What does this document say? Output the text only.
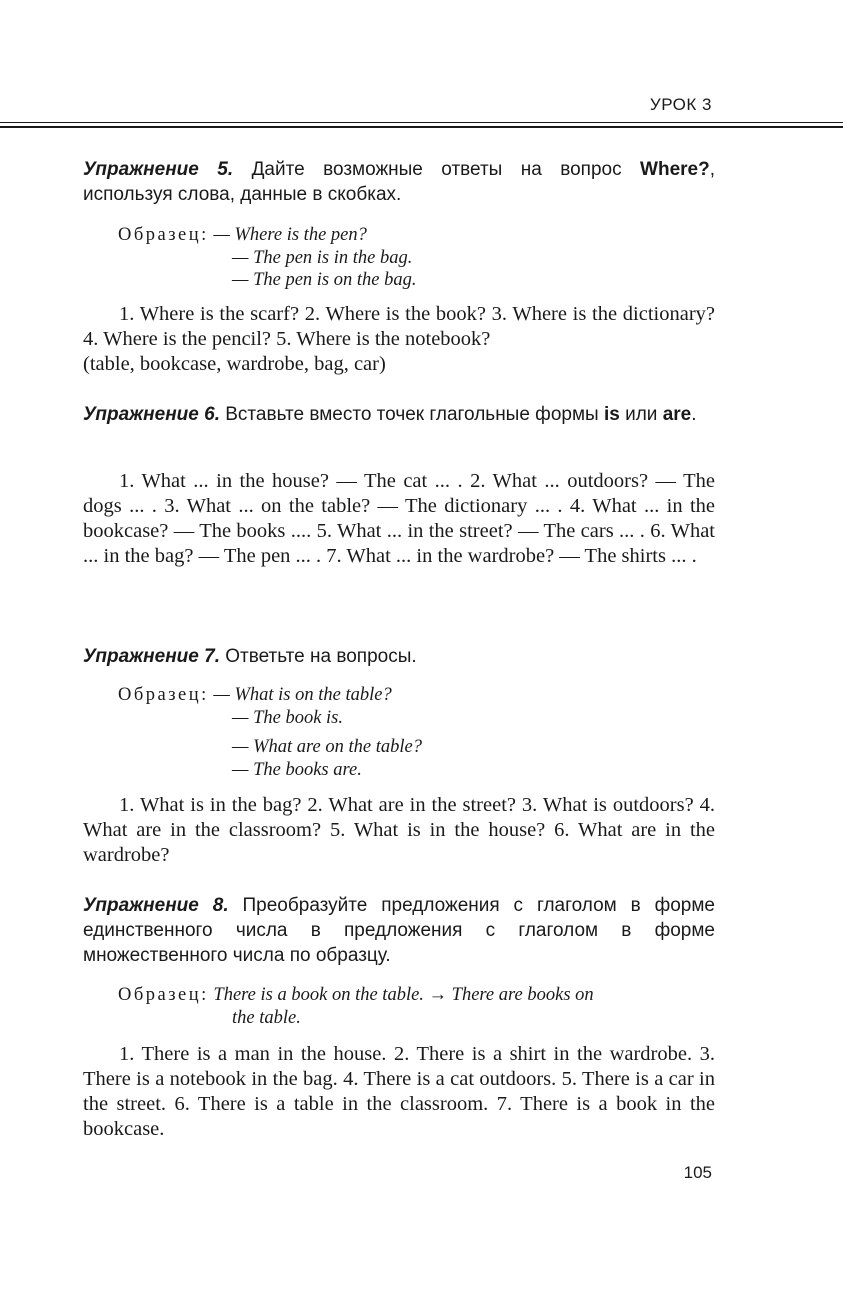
УРОК 3
Упражнение 5. Дайте возможные ответы на вопрос Where?, используя слова, данные в скобках.
Образец: — Where is the pen?
— The pen is in the bag.
— The pen is on the bag.
1. Where is the scarf? 2. Where is the book? 3. Where is the dictionary? 4. Where is the pencil? 5. Where is the notebook?
(table, bookcase, wardrobe, bag, car)
Упражнение 6. Вставьте вместо точек глагольные формы is или are.
1. What ... in the house? — The cat ... . 2. What ... outdoors? — The dogs ... . 3. What ... on the table? — The dictionary ... . 4. What ... in the bookcase? — The books .... 5. What ... in the street? — The cars ... . 6. What ... in the bag? — The pen ... . 7. What ... in the wardrobe? — The shirts ... .
Упражнение 7. Ответьте на вопросы.
Образец: — What is on the table?
— The book is.
— What are on the table?
— The books are.
1. What is in the bag? 2. What are in the street? 3. What is outdoors? 4. What are in the classroom? 5. What is in the house? 6. What are in the wardrobe?
Упражнение 8. Преобразуйте предложения с глаголом в форме единственного числа в предложения с глаголом в форме множественного числа по образцу.
Образец: There is a book on the table. → There are books on
the table.
1. There is a man in the house. 2. There is a shirt in the wardrobe. 3. There is a notebook in the bag. 4. There is a cat outdoors. 5. There is a car in the street. 6. There is a table in the classroom. 7. There is a book in the bookcase.
105
